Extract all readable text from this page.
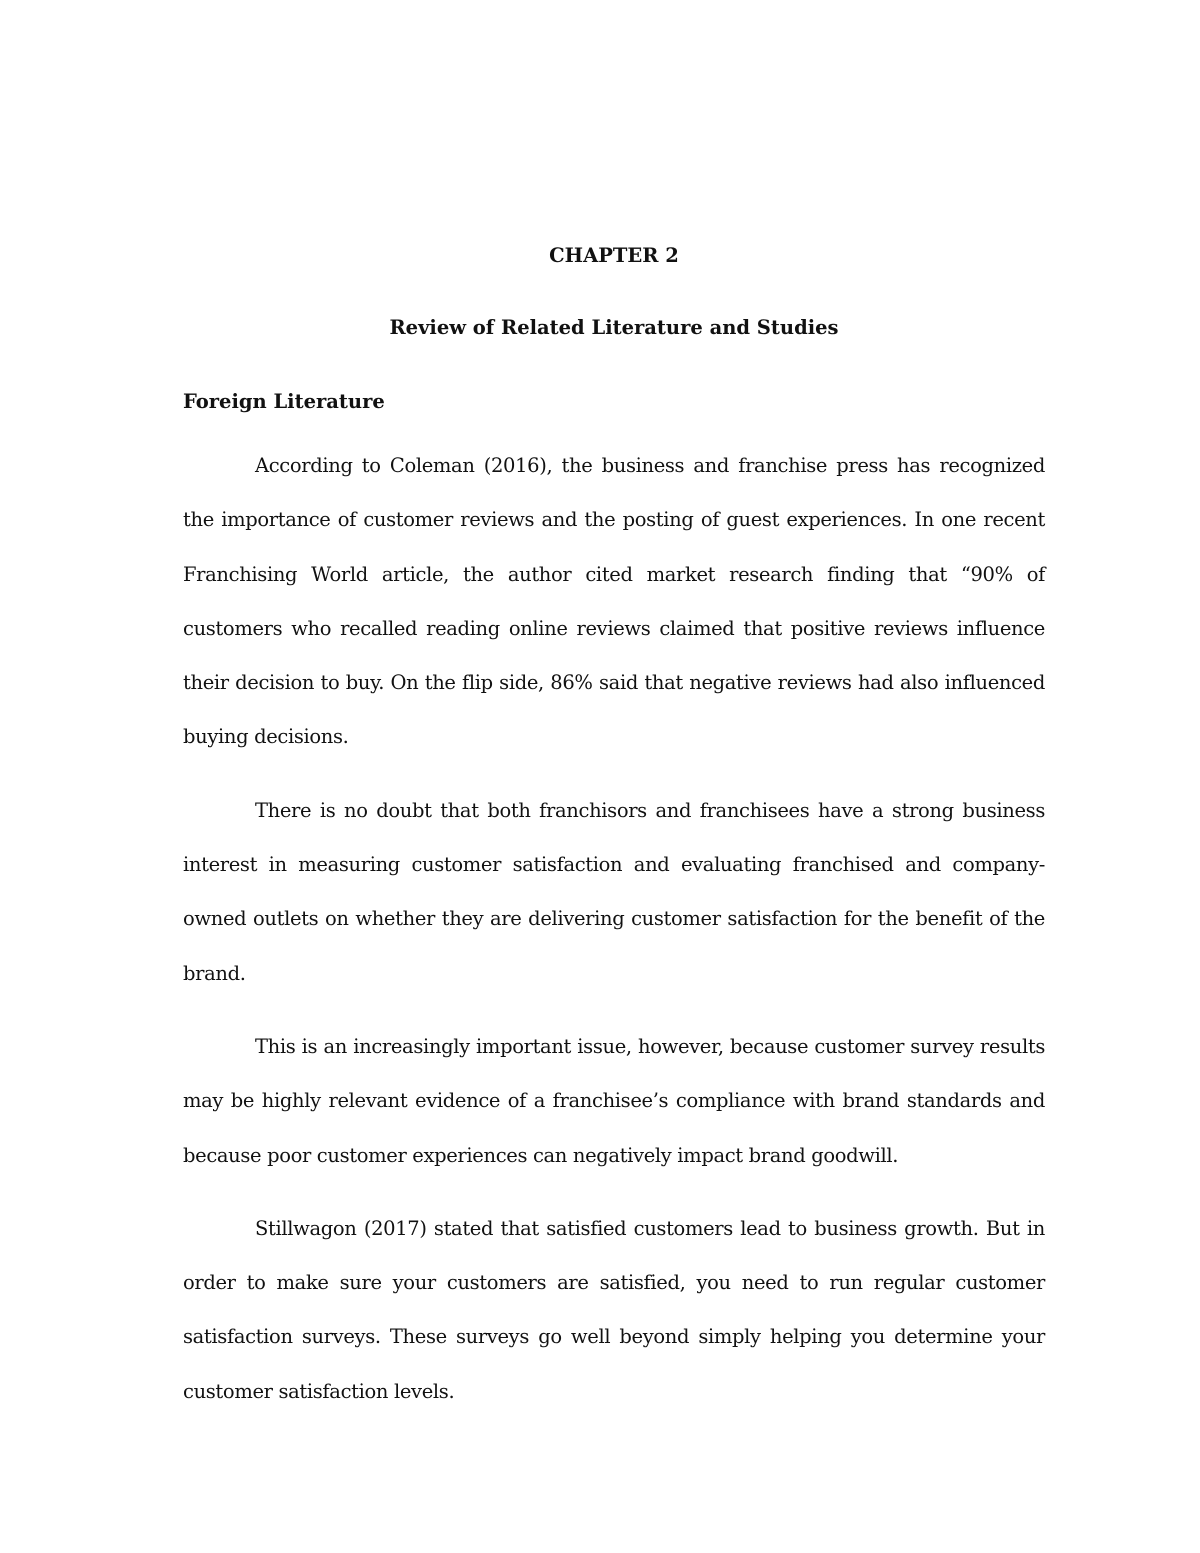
CHAPTER 2

Review of Related Literature and Studies

Foreign Literature

According to Coleman (2016), the business and franchise press has recognized the importance of customer reviews and the posting of guest experiences. In one recent Franchising World article, the author cited market research finding that “90% of customers who recalled reading online reviews claimed that positive reviews influence their decision to buy. On the flip side, 86% said that negative reviews had also influenced buying decisions.

There is no doubt that both franchisors and franchisees have a strong business interest in measuring customer satisfaction and evaluating franchised and company-owned outlets on whether they are delivering customer satisfaction for the benefit of the brand.

This is an increasingly important issue, however, because customer survey results may be highly relevant evidence of a franchisee’s compliance with brand standards and because poor customer experiences can negatively impact brand goodwill.

Stillwagon (2017) stated that satisfied customers lead to business growth. But in order to make sure your customers are satisfied, you need to run regular customer satisfaction surveys. These surveys go well beyond simply helping you determine your customer satisfaction levels.
